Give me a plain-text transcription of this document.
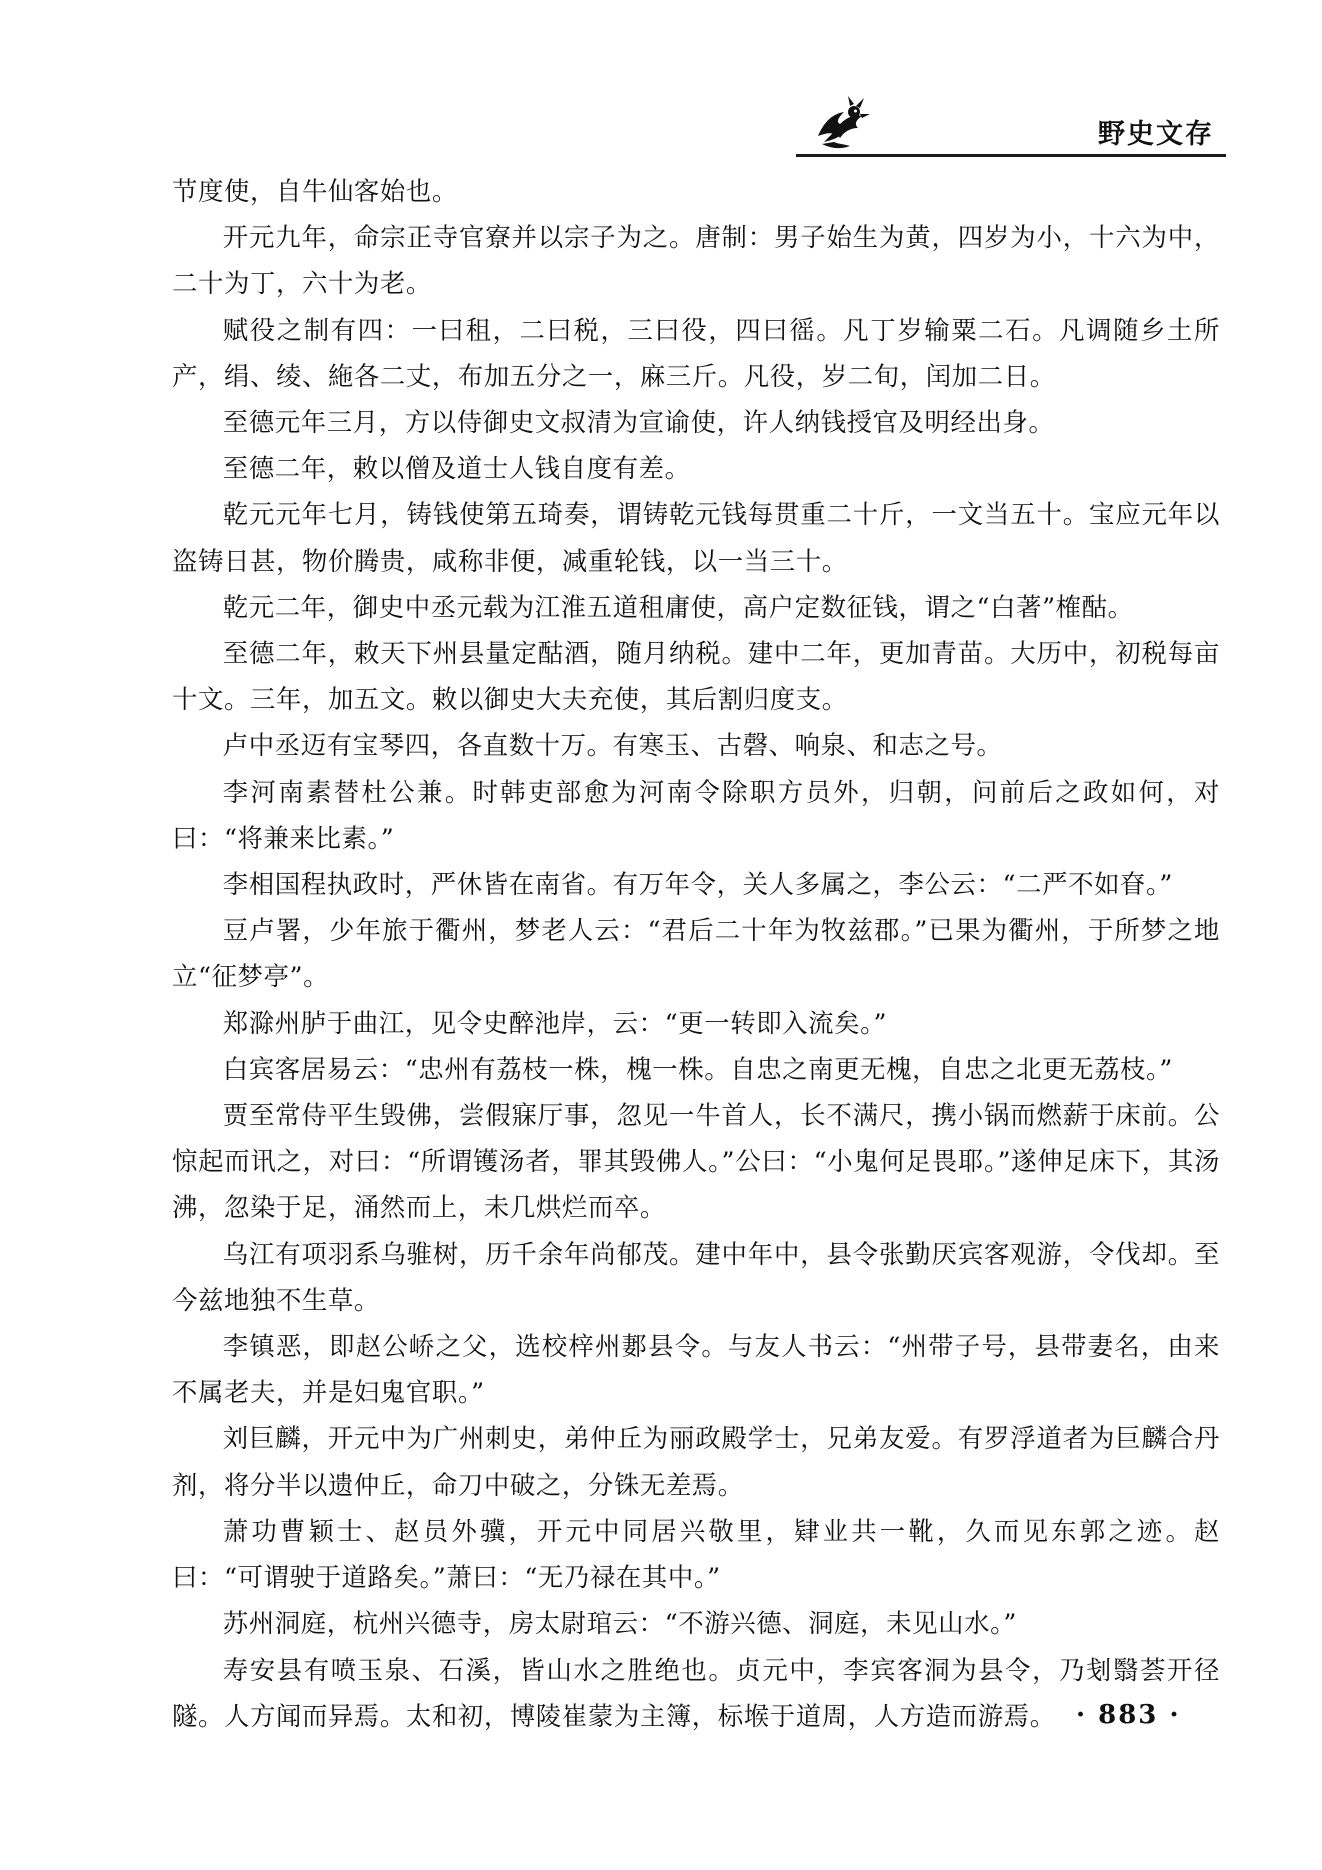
野史文存

节度使，自牛仙客始也。

开元九年，命宗正寺官寮并以宗子为之。唐制：男子始生为黄，四岁为小，十六为中，二十为丁，六十为老。

赋役之制有四：一曰租，二曰税，三曰役，四曰徭。凡丁岁输粟二石。凡调随乡土所产，绢、绫、絁各二丈，布加五分之一，麻三斤。凡役，岁二旬，闰加二日。

至德元年三月，方以侍御史文叔清为宣谕使，许人纳钱授官及明经出身。

至德二年，敕以僧及道士人钱自度有差。

乾元元年七月，铸钱使第五琦奏，谓铸乾元钱每贯重二十斤，一文当五十。宝应元年以盗铸日甚，物价腾贵，咸称非便，减重轮钱，以一当三十。

乾元二年，御史中丞元载为江淮五道租庸使，高户定数征钱，谓之“白著”榷酤。

至德二年，敕天下州县量定酤酒，随月纳税。建中二年，更加青苗。大历中，初税每亩十文。三年，加五文。敕以御史大夫充使，其后割归度支。

卢中丞迈有宝琴四，各直数十万。有寒玉、古磬、响泉、和志之号。

李河南素替杜公兼。时韩吏部愈为河南令除职方员外，归朝，问前后之政如何，对曰：“将兼来比素。”

李相国程执政时，严休皆在南省。有万年令，关人多属之，李公云：“二严不如眘。”

豆卢署，少年旅于衢州，梦老人云：“君后二十年为牧兹郡。”已果为衢州，于所梦之地立“征梦亭”。

郑滁州胪于曲江，见令史醉池岸，云：“更一转即入流矣。”

白宾客居易云：“忠州有荔枝一株，槐一株。自忠之南更无槐，自忠之北更无荔枝。”

贾至常侍平生毁佛，尝假寐厅事，忽见一牛首人，长不满尺，携小锅而燃薪于床前。公惊起而讯之，对曰：“所谓镬汤者，罪其毁佛人。”公曰：“小鬼何足畏耶。”遂伸足床下，其汤沸，忽染于足，涌然而上，未几烘烂而卒。

乌江有项羽系乌骓树，历千余年尚郁茂。建中年中，县令张勤厌宾客观游，令伐却。至今兹地独不生草。

李镇恶，即赵公峤之父，选校梓州郪县令。与友人书云：“州带子号，县带妻名，由来不属老夫，并是妇鬼官职。”

刘巨麟，开元中为广州刺史，弟仲丘为丽政殿学士，兄弟友爱。有罗浮道者为巨麟合丹剂，将分半以遗仲丘，命刀中破之，分铢无差焉。

萧功曹颖士、赵员外骥，开元中同居兴敬里，肄业共一靴，久而见东郭之迹。赵曰：“可谓驶于道路矣。”萧曰：“无乃禄在其中。”

苏州洞庭，杭州兴德寺，房太尉琯云：“不游兴德、洞庭，未见山水。”

寿安县有喷玉泉、石溪，皆山水之胜绝也。贞元中，李宾客洞为县令，乃刬翳荟开径隧。人方闻而异焉。太和初，博陵崔蒙为主簿，标堠于道周，人方造而游焉。 · 883 ·
